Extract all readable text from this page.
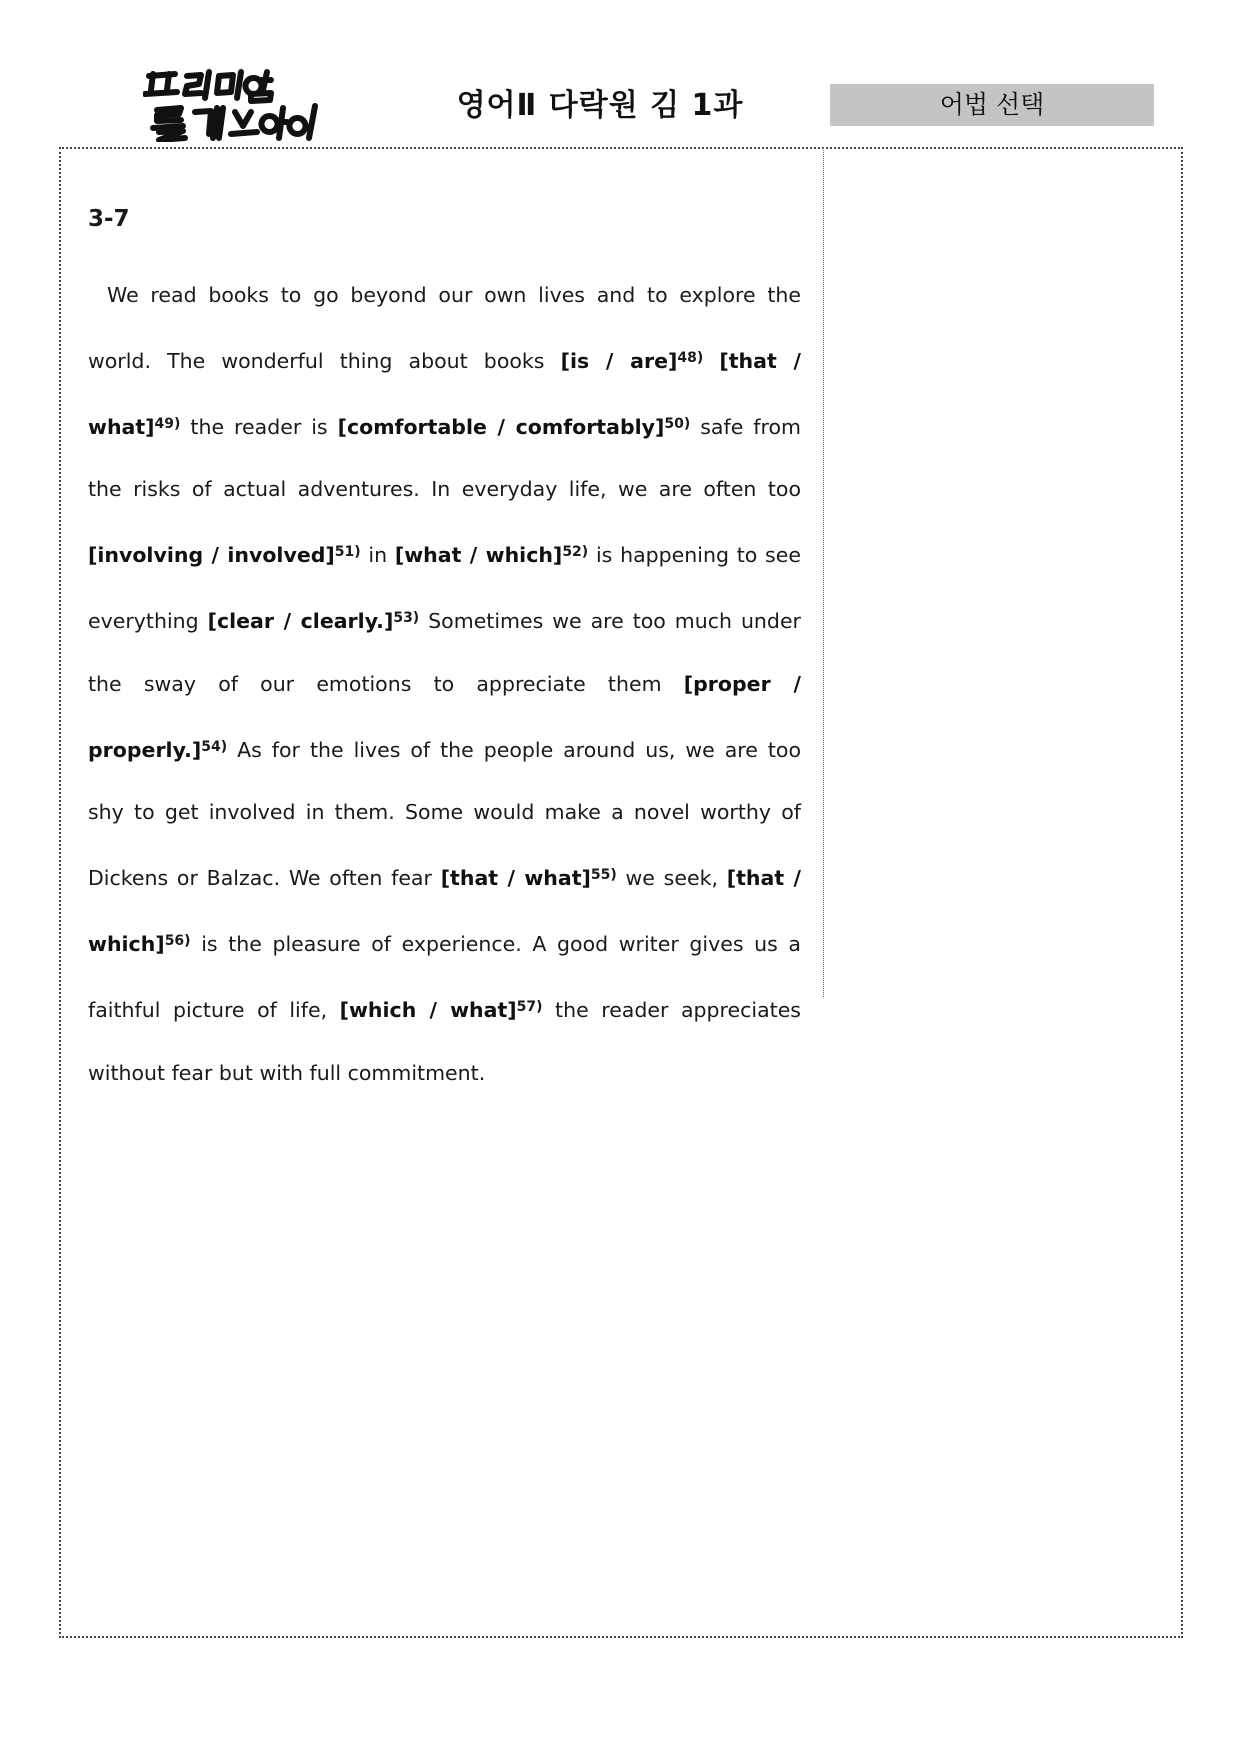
영어Ⅱ 다락원 김 1과	어법 선택
3-7
We read books to go beyond our own lives and to explore the world. The wonderful thing about books [is / are]$^{48)}$ [that / what]$^{49)}$ the reader is [comfortable / comfortably]$^{50)}$ safe from the risks of actual adventures. In everyday life, we are often too [involving / involved]$^{51)}$ in [what / which]$^{52)}$ is happening to see everything [clear / clearly.]$^{53)}$ Sometimes we are too much under the sway of our emotions to appreciate them [proper / properly.]$^{54)}$ As for the lives of the people around us, we are too shy to get involved in them. Some would make a novel worthy of Dickens or Balzac. We often fear [that / what]$^{55)}$ we seek, [that / which]$^{56)}$ is the pleasure of experience. A good writer gives us a faithful picture of life, [which / what]$^{57)}$ the reader appreciates without fear but with full commitment.
